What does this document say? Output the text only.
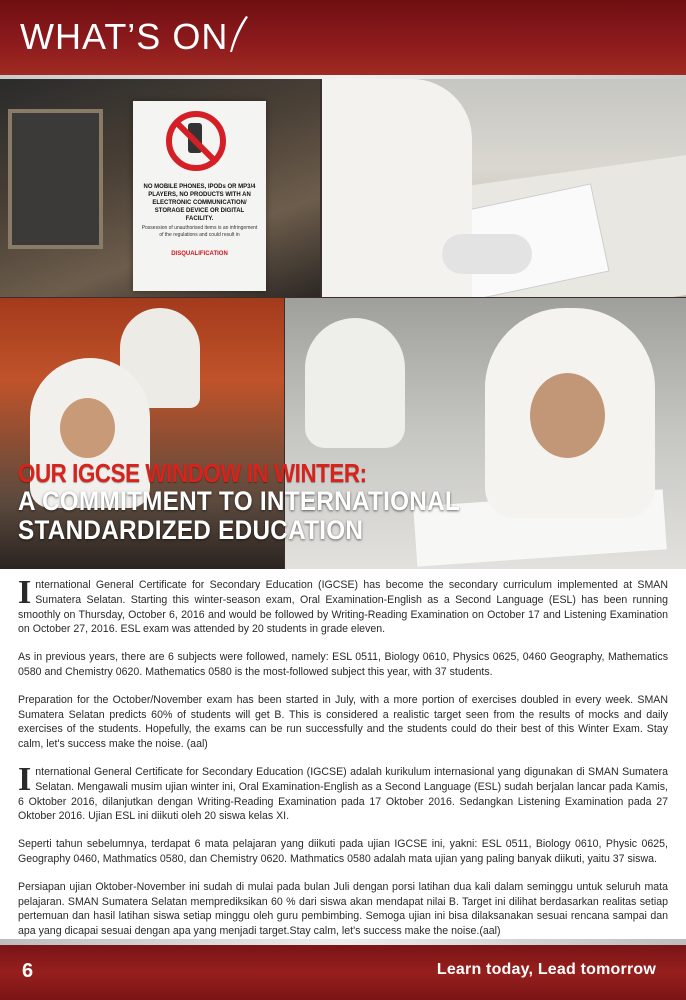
WHAT’S ON
NO MOBILE PHONES, IPODs OR MP3/4 PLAYERS, NO PRODUCTS WITH AN ELECTRONIC COMMUNICATION/ STORAGE DEVICE OR DIGITAL FACILITY.
Possession of unauthorised items is an infringement of the regulations and could result in
DISQUALIFICATION
OUR IGCSE WINDOW IN WINTER:
A COMMITMENT TO INTERNATIONAL
STANDARDIZED EDUCATION

International General Certificate for Secondary Education (IGCSE) has become the secondary curriculum implemented at SMAN Sumatera Selatan. Starting this winter-season exam, Oral Examination-English as a Second Language (ESL) has been running smoothly on Thursday, October 6, 2016 and would be followed by Writing-Reading Examination on October 17 and Listening Examination on October 27, 2016. ESL exam was attended by 20 students in grade eleven.

As in previous years, there are 6 subjects were followed, namely: ESL 0511, Biology 0610, Physics 0625, 0460 Geography, Mathematics 0580 and Chemistry 0620. Mathematics 0580 is the most-followed subject this year, with 37 students.

Preparation for the October/November exam has been started in July, with a more portion of exercises doubled in every week. SMAN Sumatera Selatan predicts 60% of students will get B. This is considered a realistic target seen from the results of mocks and daily exercises of the students. Hopefully, the exams can be run successfully and the students could do their best of this Winter Exam. Stay calm, let's success make the noise. (aal)

International General Certificate for Secondary Education (IGCSE) adalah kurikulum internasional yang digunakan di SMAN Sumatera Selatan. Mengawali musim ujian winter ini, Oral Examination-English as a Second Language (ESL) sudah berjalan lancar pada Kamis, 6 Oktober 2016, dilanjutkan dengan Writing-Reading Examination pada 17 Oktober 2016. Sedangkan Listening Examination pada 27 Oktober 2016. Ujian ESL ini diikuti oleh 20 siswa kelas XI.

Seperti tahun sebelumnya, terdapat 6 mata pelajaran yang diikuti pada ujian IGCSE ini, yakni: ESL 0511, Biology 0610, Physic 0625, Geography 0460, Mathmatics 0580, dan Chemistry 0620. Mathmatics 0580 adalah mata ujian yang paling banyak diikuti, yaitu 37 siswa.

Persiapan ujian Oktober-November ini sudah di mulai pada bulan Juli dengan porsi latihan dua kali dalam seminggu untuk seluruh mata pelajaran. SMAN Sumatera Selatan memprediksikan 60 % dari siswa akan mendapat nilai B. Target ini dilihat berdasarkan realitas setiap pertemuan dan hasil latihan siswa setiap minggu oleh guru pembimbing. Semoga ujian ini bisa dilaksanakan sesuai rencana sampai dan apa yang dicapai sesuai dengan apa yang menjadi target.Stay calm, let's success make the noise.(aal)

6	Learn today, Lead tomorrow
